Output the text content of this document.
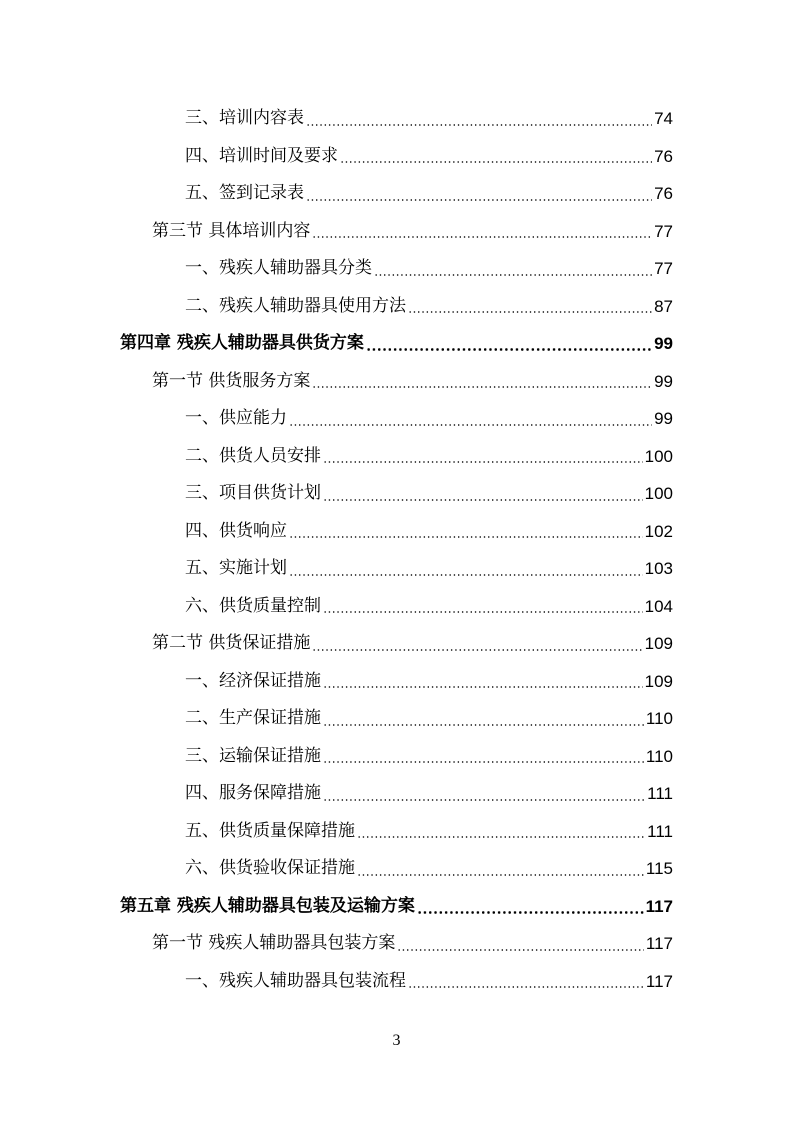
三、培训内容表	74
四、培训时间及要求	76
五、签到记录表	76
第三节 具体培训内容	77
一、残疾人辅助器具分类	77
二、残疾人辅助器具使用方法	87
第四章 残疾人辅助器具供货方案	99
第一节 供货服务方案	99
一、供应能力	99
二、供货人员安排	100
三、项目供货计划	100
四、供货响应	102
五、实施计划	103
六、供货质量控制	104
第二节 供货保证措施	109
一、经济保证措施	109
二、生产保证措施	110
三、运输保证措施	110
四、服务保障措施	111
五、供货质量保障措施	111
六、供货验收保证措施	115
第五章 残疾人辅助器具包装及运输方案	117
第一节 残疾人辅助器具包装方案	117
一、残疾人辅助器具包装流程	117
3
